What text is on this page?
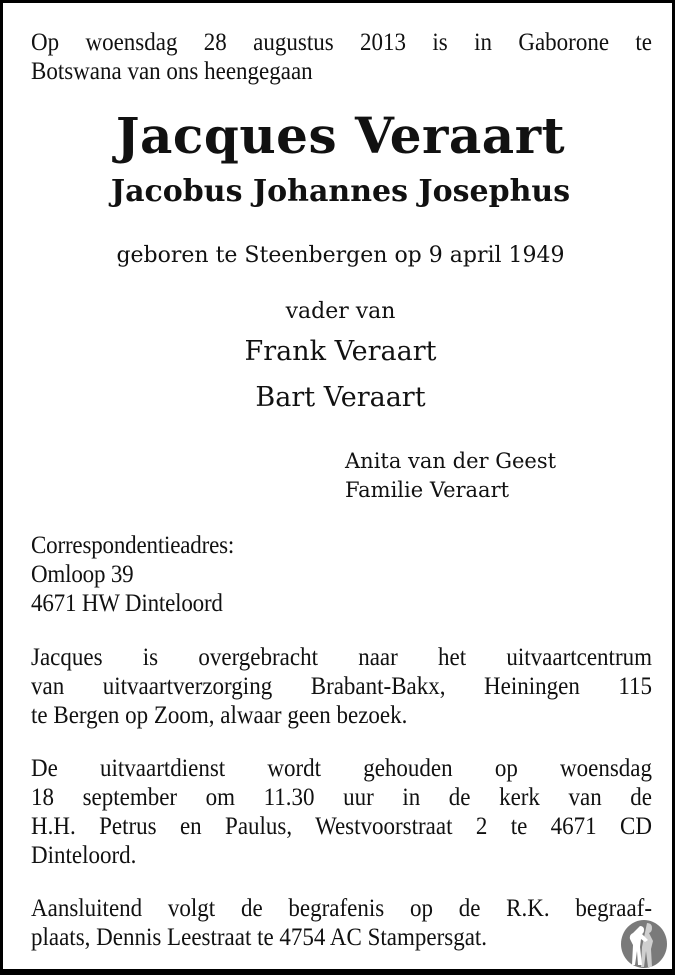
Op woensdag 28 augustus 2013 is in Gaborone te

Botswana van ons heengegaan

Jacques Veraart
Jacobus Johannes Josephus

geboren te Steenbergen op 9 april 1949

vader van

Frank Veraart

Bart Veraart

Anita van der Geest

Familie Veraart

Correspondentieadres:

Omloop 39

4671 HW Dinteloord

Jacques is overgebracht naar het uitvaartcentrum

van uitvaartverzorging Brabant-Bakx, Heiningen 115

te Bergen op Zoom, alwaar geen bezoek.

De uitvaartdienst wordt gehouden op woensdag

18 september om 11.30 uur in de kerk van de

H.H. Petrus en Paulus, Westvoorstraat 2 te 4671 CD

Dinteloord.

Aansluitend volgt de begrafenis op de R.K. begraaf-

plaats, Dennis Leestraat te 4754 AC Stampersgat.
